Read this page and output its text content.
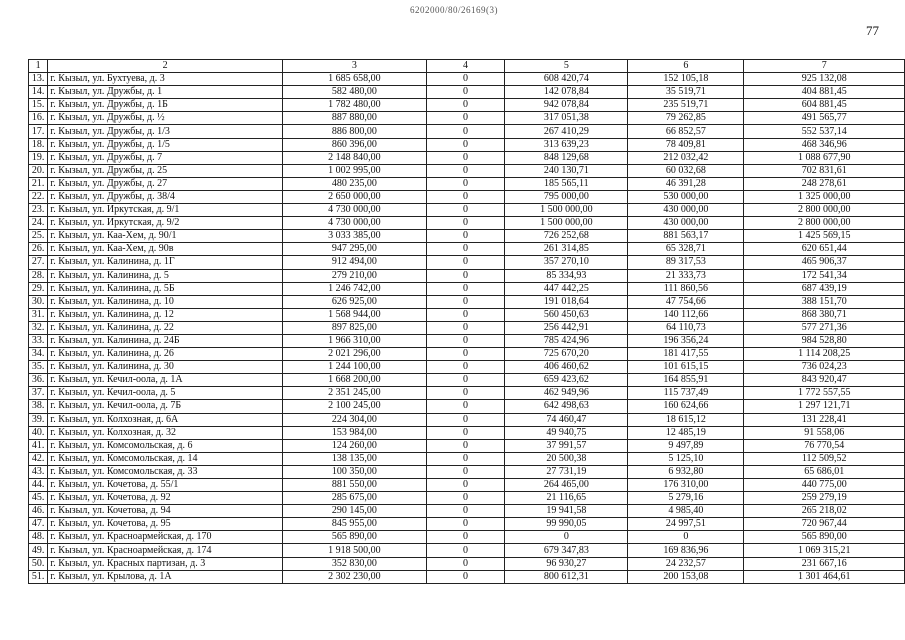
6202000/80/26169(3)
77
1	2	3	4	5	6	7
13.	г. Кызыл, ул. Бухтуева, д. 3	1 685 658,00	0	608 420,74	152 105,18	925 132,08
14.	г. Кызыл, ул. Дружбы, д. 1	582 480,00	0	142 078,84	35 519,71	404 881,45
15.	г. Кызыл, ул. Дружбы, д. 1Б	1 782 480,00	0	942 078,84	235 519,71	604 881,45
16.	г. Кызыл, ул. Дружбы, д. ½	887 880,00	0	317 051,38	79 262,85	491 565,77
17.	г. Кызыл, ул. Дружбы, д. 1/3	886 800,00	0	267 410,29	66 852,57	552 537,14
18.	г. Кызыл, ул. Дружбы, д. 1/5	860 396,00	0	313 639,23	78 409,81	468 346,96
19.	г. Кызыл, ул. Дружбы, д. 7	2 148 840,00	0	848 129,68	212 032,42	1 088 677,90
20.	г. Кызыл, ул. Дружбы, д. 25	1 002 995,00	0	240 130,71	60 032,68	702 831,61
21.	г. Кызыл, ул. Дружбы, д. 27	480 235,00	0	185 565,11	46 391,28	248 278,61
22.	г. Кызыл, ул. Дружбы, д. 38/4	2 650 000,00	0	795 000,00	530 000,00	1 325 000,00
23.	г. Кызыл, ул. Иркутская, д. 9/1	4 730 000,00	0	1 500 000,00	430 000,00	2 800 000,00
24.	г. Кызыл, ул. Иркутская, д. 9/2	4 730 000,00	0	1 500 000,00	430 000,00	2 800 000,00
25.	г. Кызыл, ул. Каа-Хем, д. 90/1	3 033 385,00	0	726 252,68	881 563,17	1 425 569,15
26.	г. Кызыл, ул. Каа-Хем, д. 90в	947 295,00	0	261 314,85	65 328,71	620 651,44
27.	г. Кызыл, ул. Калинина, д. 1Г	912 494,00	0	357 270,10	89 317,53	465 906,37
28.	г. Кызыл, ул. Калинина, д. 5	279 210,00	0	85 334,93	21 333,73	172 541,34
29.	г. Кызыл, ул. Калинина, д. 5Б	1 246 742,00	0	447 442,25	111 860,56	687 439,19
30.	г. Кызыл, ул. Калинина, д. 10	626 925,00	0	191 018,64	47 754,66	388 151,70
31.	г. Кызыл, ул. Калинина, д. 12	1 568 944,00	0	560 450,63	140 112,66	868 380,71
32.	г. Кызыл, ул. Калинина, д. 22	897 825,00	0	256 442,91	64 110,73	577 271,36
33.	г. Кызыл, ул. Калинина, д. 24Б	1 966 310,00	0	785 424,96	196 356,24	984 528,80
34.	г. Кызыл, ул. Калинина, д. 26	2 021 296,00	0	725 670,20	181 417,55	1 114 208,25
35.	г. Кызыл, ул. Калинина, д. 30	1 244 100,00	0	406 460,62	101 615,15	736 024,23
36.	г. Кызыл, ул. Кечил-оола, д. 1А	1 668 200,00	0	659 423,62	164 855,91	843 920,47
37.	г. Кызыл, ул. Кечил-оола, д. 5	2 351 245,00	0	462 949,96	115 737,49	1 772 557,55
38.	г. Кызыл, ул. Кечил-оола, д. 7Б	2 100 245,00	0	642 498,63	160 624,66	1 297 121,71
39.	г. Кызыл, ул. Колхозная, д. 6А	224 304,00	0	74 460,47	18 615,12	131 228,41
40.	г. Кызыл, ул. Колхозная, д. 32	153 984,00	0	49 940,75	12 485,19	91 558,06
41.	г. Кызыл, ул. Комсомольская, д. 6	124 260,00	0	37 991,57	9 497,89	76 770,54
42.	г. Кызыл, ул. Комсомольская, д. 14	138 135,00	0	20 500,38	5 125,10	112 509,52
43.	г. Кызыл, ул. Комсомольская, д. 33	100 350,00	0	27 731,19	6 932,80	65 686,01
44.	г. Кызыл, ул. Кочетова, д. 55/1	881 550,00	0	264 465,00	176 310,00	440 775,00
45.	г. Кызыл, ул. Кочетова, д. 92	285 675,00	0	21 116,65	5 279,16	259 279,19
46.	г. Кызыл, ул. Кочетова, д. 94	290 145,00	0	19 941,58	4 985,40	265 218,02
47.	г. Кызыл, ул. Кочетова, д. 95	845 955,00	0	99 990,05	24 997,51	720 967,44
48.	г. Кызыл, ул. Красноармейская, д. 170	565 890,00	0	0	0	565 890,00
49.	г. Кызыл, ул. Красноармейская, д. 174	1 918 500,00	0	679 347,83	169 836,96	1 069 315,21
50.	г. Кызыл, ул. Красных партизан, д. 3	352 830,00	0	96 930,27	24 232,57	231 667,16
51.	г. Кызыл, ул. Крылова, д. 1А	2 302 230,00	0	800 612,31	200 153,08	1 301 464,61
